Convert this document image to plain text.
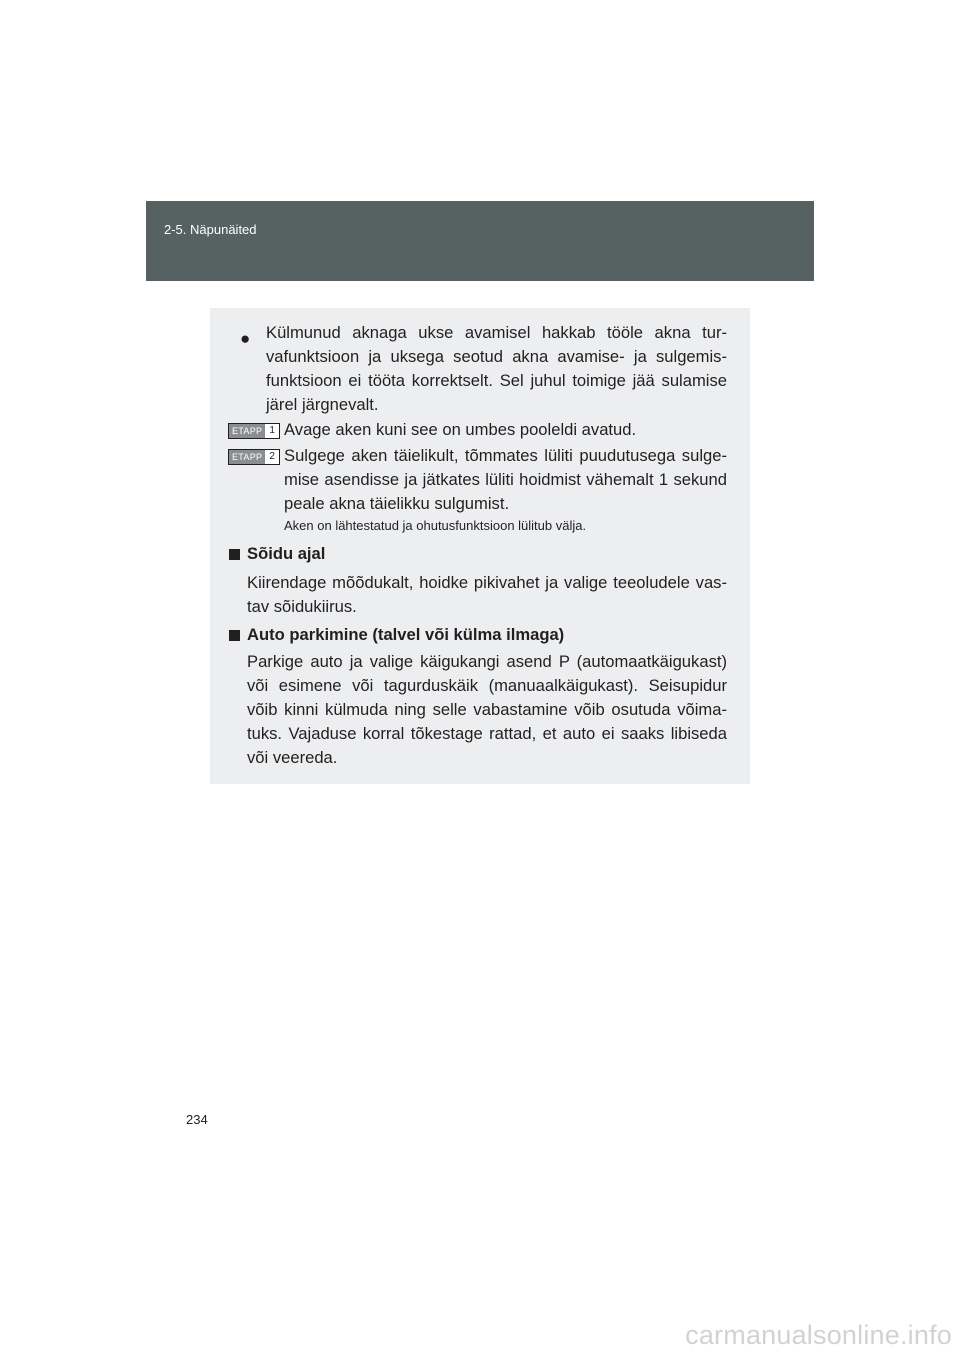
2-5. Näpunäited
● Külmunud aknaga ukse avamisel hakkab tööle akna tur-
vafunktsioon ja uksega seotud akna avamise- ja sulgemis-
funktsioon ei tööta korrektselt. Sel juhul toimige jää sulamise
järel järgnevalt.
ETAPP 1 Avage aken kuni see on umbes pooleldi avatud.
ETAPP 2 Sulgege aken täielikult, tõmmates lüliti puudutusega sulge-
mise asendisse ja jätkates lüliti hoidmist vähemalt 1 sekund
peale akna täielikku sulgumist.
Aken on lähtestatud ja ohutusfunktsioon lülitub välja.
Sõidu ajal
Kiirendage mõõdukalt, hoidke pikivahet ja valige teeoludele vas-
tav sõidukiirus.
Auto parkimine (talvel või külma ilmaga)
Parkige auto ja valige käigukangi asend P (automaatkäigukast)
või esimene või tagurduskäik (manuaalkäigukast). Seisupidur
võib kinni külmuda ning selle vabastamine võib osutuda võima-
tuks. Vajaduse korral tõkestage rattad, et auto ei saaks libiseda
või veereda.
234
carmanualsonline.info
